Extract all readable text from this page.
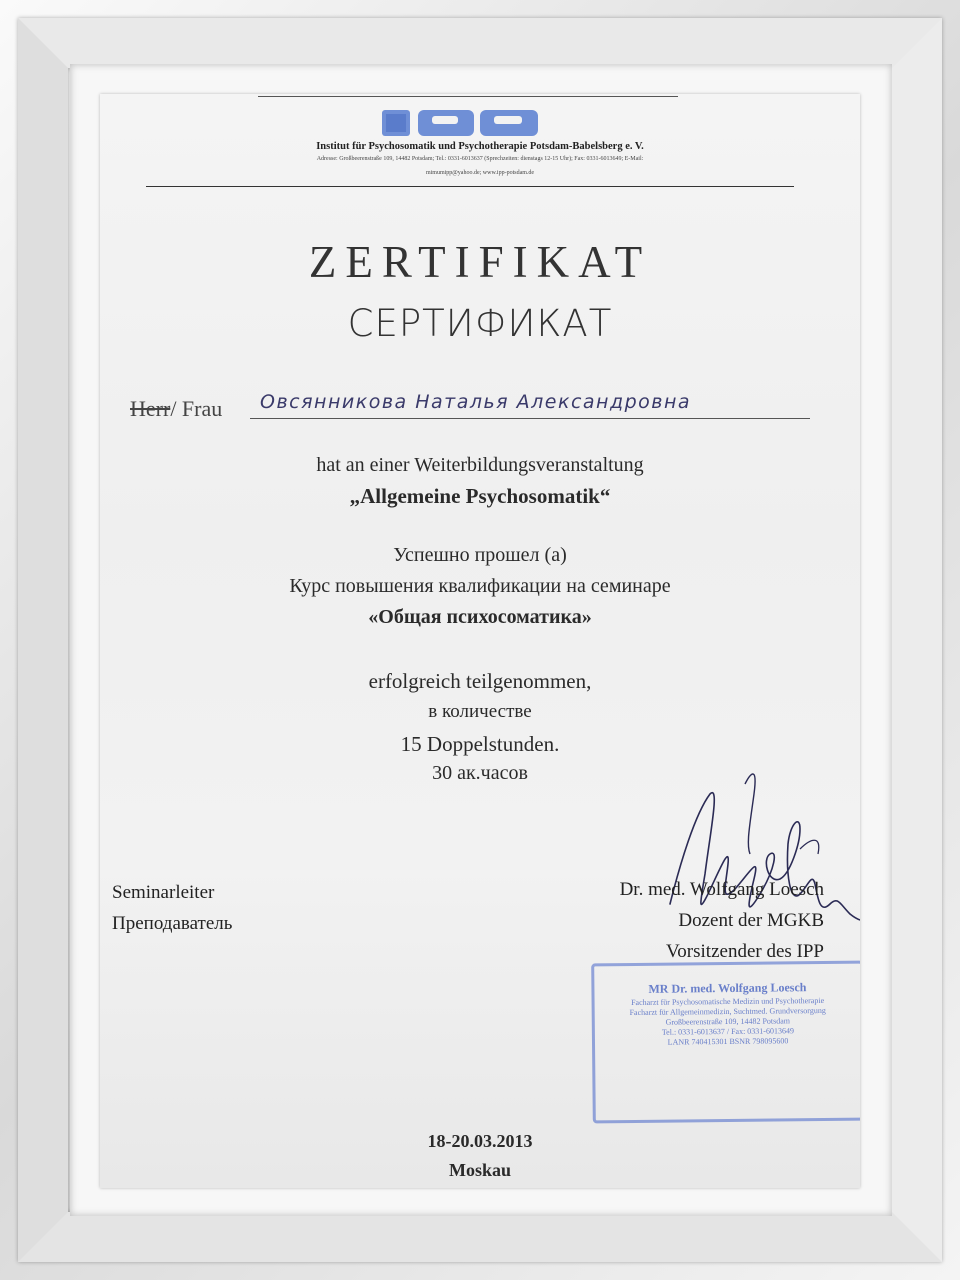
Institut für Psychosomatik und Psychotherapie Potsdam-Babelsberg e. V.
Adresse: Großbeerenstraße 109, 14482 Potsdam; Tel.: 0331-6013637 (Sprechzeiten: dienstags 12-15 Uhr); Fax: 0331-6013649; E-Mail:
mimumipp@yahoo.de; www.ipp-potsdam.de
ZERTIFIKAT
СЕРТИФИКАТ
Herr/ Frau Овсянникова Наталья Александровна
hat an einer Weiterbildungsveranstaltung
„Allgemeine Psychosomatik“
Успешно прошел (а)
Курс повышения квалификации на семинаре
«Общая психосоматика»
erfolgreich teilgenommen,
в количестве
15 Doppelstunden.
30 ак.часов
Seminarleiter
Преподаватель
Dr. med. Wolfgang Loesch
Dozent der MGKB
Vorsitzender des IPP
MR Dr. med. Wolfgang Loesch
Facharzt für Psychosomatische Medizin und Psychotherapie
Facharzt für Allgemeinmedizin, Suchtmed. Grundversorgung
Großbeerenstraße 109, 14482 Potsdam
Tel.: 0331-6013637 / Fax: 0331-6013649
LANR 740415301 BSNR 798095600
18-20.03.2013
Moskau
